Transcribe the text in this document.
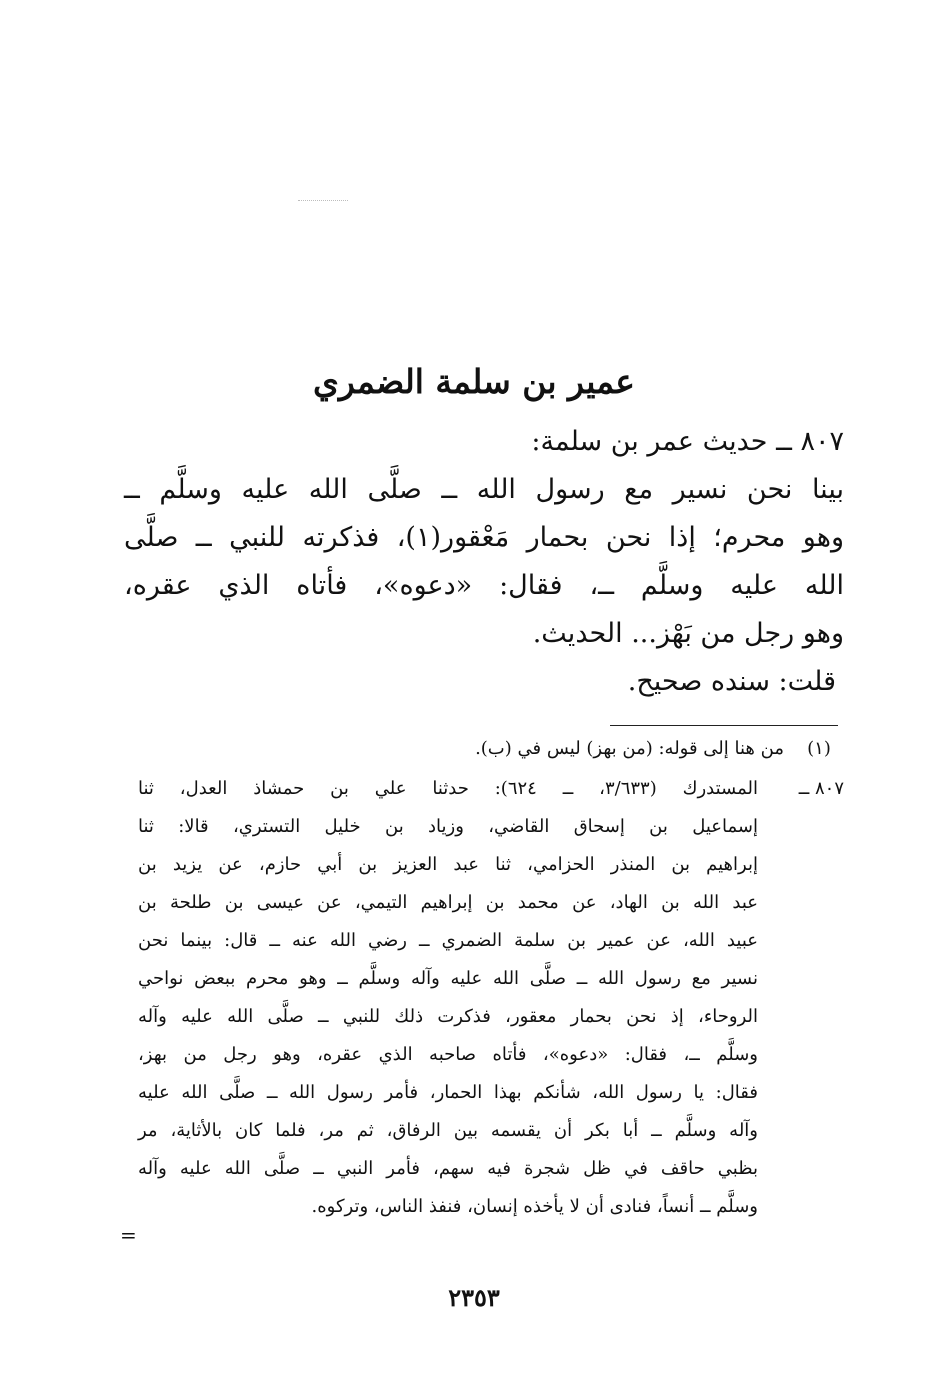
عمير بن سلمة الضمري
٨٠٧ ــ حديث عمر بن سلمة:
بينا نحن نسير مع رسول الله ــ صلَّى الله عليه وسلَّم ــ
وهو محرم؛ إذا نحن بحمار مَعْقور(١)، فذكرته للنبي ــ صلَّى
الله عليه وسلَّم ــ، فقال: «دعوه»، فأتاه الذي عقره،
وهو رجل من بَهْز... الحديث.
قلت: سنده صحيح.
(١)
من هنا إلى قوله: (من بهز) ليس في (ب).
٨٠٧ ــ
المستدرك (٣/٦٣٣، ــ ٦٢٤): حدثنا علي بن حمشاذ العدل، ثنا
إسماعيل بن إسحاق القاضي، وزياد بن خليل التستري، قالا: ثنا
إبراهيم بن المنذر الحزامي، ثنا عبد العزيز بن أبي حازم، عن يزيد بن
عبد الله بن الهاد، عن محمد بن إبراهيم التيمي، عن عيسى بن طلحة بن
عبيد الله، عن عمير بن سلمة الضمري ــ رضي الله عنه ــ قال: بينما نحن
نسير مع رسول الله ــ صلَّى الله عليه وآله وسلَّم ــ وهو محرم ببعض نواحي
الروحاء، إذ نحن بحمار معقور، فذكرت ذلك للنبي ــ صلَّى الله عليه وآله
وسلَّم ــ، فقال: «دعوه»، فأتاه صاحبه الذي عقره، وهو رجل من بهز،
فقال: يا رسول الله، شأنكم بهذا الحمار، فأمر رسول الله ــ صلَّى الله عليه
وآله وسلَّم ــ أبا بكر أن يقسمه بين الرفاق، ثم مر، فلما كان بالأثاية، مر
بظبي حاقف في ظل شجرة فيه سهم، فأمر النبي ــ صلَّى الله عليه وآله
وسلَّم ــ أنساً، فنادى أن لا يأخذه إنسان، فنفذ الناس، وتركوه.
=
٢٣٥٣
